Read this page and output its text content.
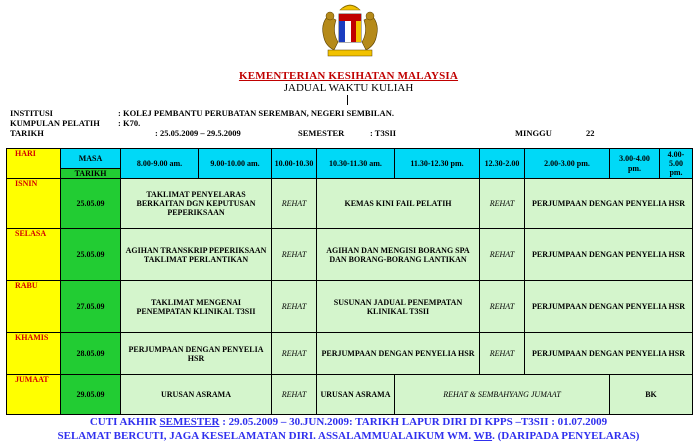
KEMENTERIAN KESIHATAN MALAYSIA
JADUAL WAKTU KULIAH
INSTITUSI	: KOLEJ PEMBANTU PERUBATAN SEREMBAN, NEGERI SEMBILAN.
KUMPULAN PELATIH : K70.
TARIKH	: 25.05.2009 – 29.5.2009	SEMESTER	: T3SII	MINGGU	22
HARI	MASA	8.00-9.00 am.	9.00-10.00 am.	10.00-10.30	10.30-11.30 am.	11.30-12.30 pm.	12.30-2.00	2.00-3.00 pm.	3.00-4.00 pm.	4.00-5.00 pm.
	TARIKH									
ISNIN	25.05.09	TAKLIMAT PENYELARAS BERKAITAN DGN KEPUTUSAN PEPERIKSAAN		REHAT	KEMAS KINI FAIL PELATIH		REHAT	PERJUMPAAN DENGAN PENYELIA HSR		
SELASA	25.05.09	AGIHAN TRANSKRIP PEPERIKSAAN TAKLIMAT PERLANTIKAN		REHAT	AGIHAN DAN MENGISI BORANG SPA DAN BORANG-BORANG LANTIKAN		REHAT	PERJUMPAAN DENGAN PENYELIA HSR		
RABU	27.05.09	TAKLIMAT MENGENAI PENEMPATAN KLINIKAL T3SII		REHAT	SUSUNAN JADUAL PENEMPATAN KLINIKAL T3SII		REHAT	PERJUMPAAN DENGAN PENYELIA HSR		
KHAMIS	28.05.09	PERJUMPAAN DENGAN PENYELIA HSR		REHAT	PERJUMPAAN DENGAN PENYELIA HSR		REHAT	PERJUMPAAN DENGAN PENYELIA HSR		
JUMAAT	29.05.09	URUSAN ASRAMA		REHAT	URUSAN ASRAMA	REHAT & SEMBAHYANG JUMAAT			BK	
CUTI AKHIR SEMESTER : 29.05.2009 – 30.JUN.2009: TARIKH LAPUR DIRI DI KPPS –T3SII : 01.07.2009
SELAMAT BERCUTI, JAGA KESELAMATAN DIRI. ASSALAMMUALAIKUM WM. WB. (DARIPADA PENYELARAS)
